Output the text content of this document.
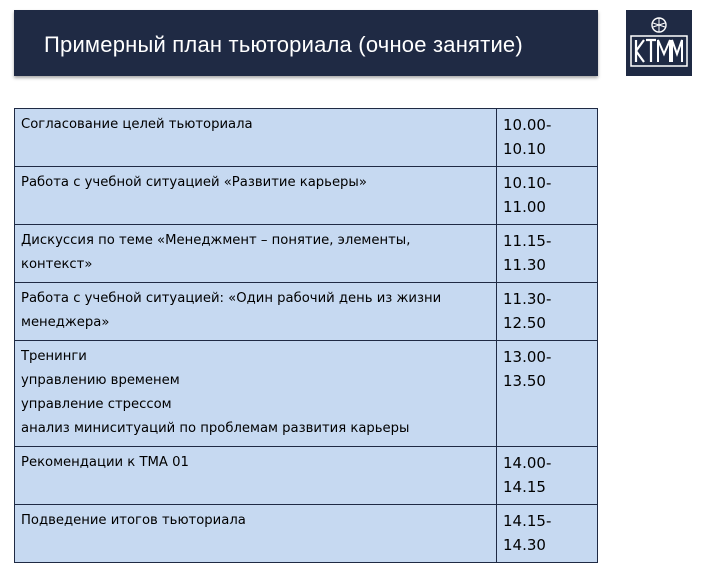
Примерный план тьюториала (очное занятие)
Согласование целей тьюториала	10.00-10.10

Работа с учебной ситуацией «Развитие карьеры»	10.10-11.00

Дискуссия по теме «Менеджмент – понятие, элементы,
контекст»	11.15-11.30

Работа с учебной ситуацией: «Один рабочий день из жизни
менеджера»	11.30-12.50

Тренинги
управлению временем
управление стрессом
анализ миниситуаций по проблемам развития карьеры	13.00-13.50

Рекомендации к ТМА 01	14.00-14.15

Подведение итогов тьюториала	14.15-14.30
